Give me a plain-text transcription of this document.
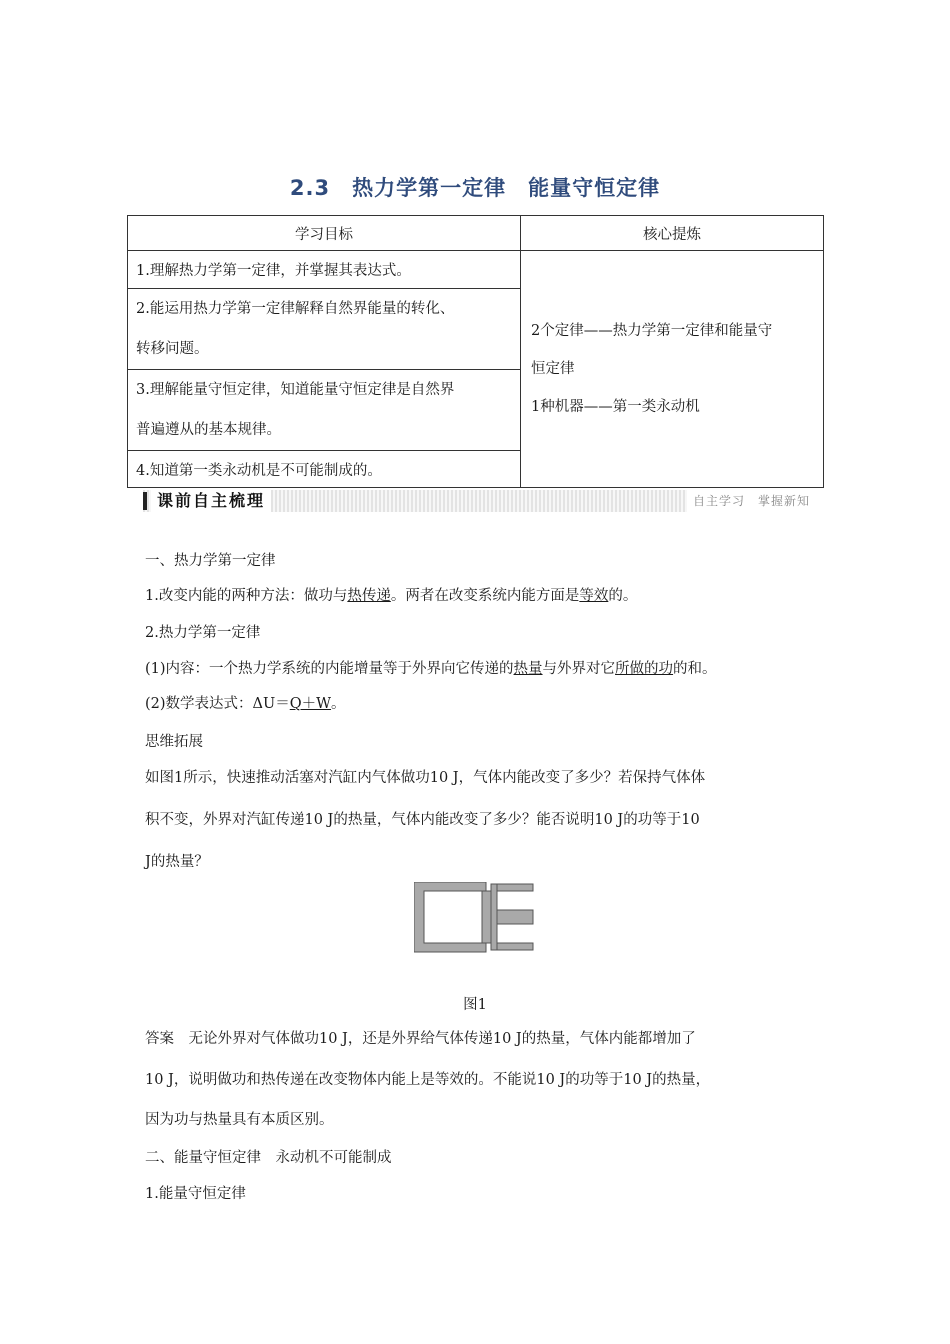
2.3　热力学第一定律　能量守恒定律
学习目标	核心提炼
1.理解热力学第一定律，并掌握其表达式。	2个定律——热力学第一定律和能量守
恒定律
1种机器——第一类永动机

2.能运用热力学第一定律解释自然界能量的转化、
转移问题。	

3.理解能量守恒定律，知道能量守恒定律是自然界
普遍遵从的基本规律。	

4.知道第一类永动机是不可能制成的。	
课前自主梳理	自主学习　掌握新知
一、热力学第一定律
1.改变内能的两种方法：做功与热传递。两者在改变系统内能方面是等效的。
2.热力学第一定律
(1)内容：一个热力学系统的内能增量等于外界向它传递的热量与外界对它所做的功的和。
(2)数学表达式：ΔU＝Q＋W。
思维拓展
如图1所示，快速推动活塞对汽缸内气体做功10 J，气体内能改变了多少？若保持气体体
积不变，外界对汽缸传递10 J的热量，气体内能改变了多少？能否说明10 J的功等于10
J的热量？
图1
答案　无论外界对气体做功10 J，还是外界给气体传递10 J的热量，气体内能都增加了
10 J，说明做功和热传递在改变物体内能上是等效的。不能说10 J的功等于10 J的热量，
因为功与热量具有本质区别。
二、能量守恒定律　永动机不可能制成
1.能量守恒定律
